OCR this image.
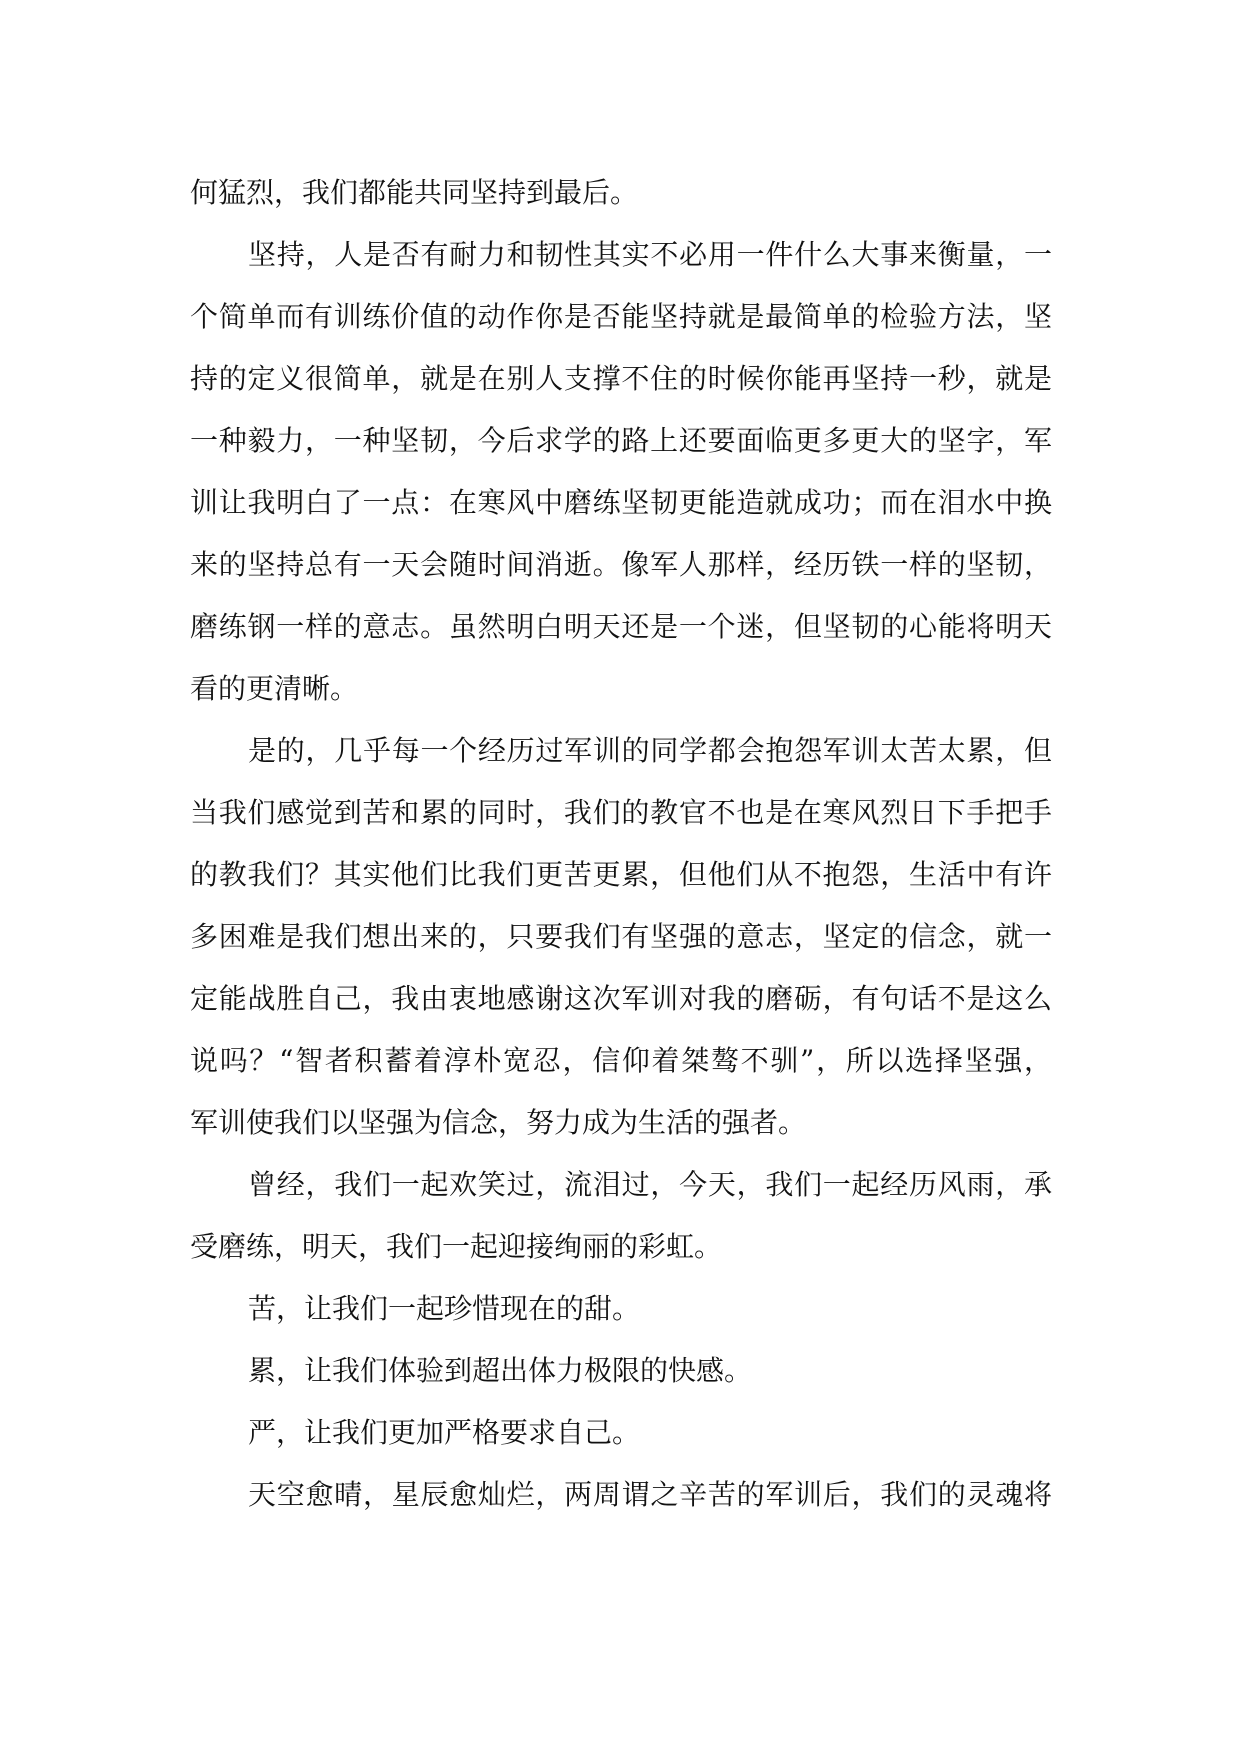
何猛烈，我们都能共同坚持到最后。
坚持，人是否有耐力和韧性其实不必用一件什么大事来衡量，一
个简单而有训练价值的动作你是否能坚持就是最简单的检验方法，坚
持的定义很简单，就是在别人支撑不住的时候你能再坚持一秒，就是
一种毅力，一种坚韧，今后求学的路上还要面临更多更大的坚字，军
训让我明白了一点：在寒风中磨练坚韧更能造就成功；而在泪水中换
来的坚持总有一天会随时间消逝。像军人那样，经历铁一样的坚韧，
磨练钢一样的意志。虽然明白明天还是一个迷，但坚韧的心能将明天
看的更清晰。
是的，几乎每一个经历过军训的同学都会抱怨军训太苦太累，但
当我们感觉到苦和累的同时，我们的教官不也是在寒风烈日下手把手
的教我们？其实他们比我们更苦更累，但他们从不抱怨，生活中有许
多困难是我们想出来的，只要我们有坚强的意志，坚定的信念，就一
定能战胜自己，我由衷地感谢这次军训对我的磨砺，有句话不是这么
说吗？“智者积蓄着淳朴宽忍，信仰着桀骜不驯”，所以选择坚强，
军训使我们以坚强为信念，努力成为生活的强者。
曾经，我们一起欢笑过，流泪过，今天，我们一起经历风雨，承
受磨练，明天，我们一起迎接绚丽的彩虹。
苦，让我们一起珍惜现在的甜。
累，让我们体验到超出体力极限的快感。
严，让我们更加严格要求自己。
天空愈晴，星辰愈灿烂，两周谓之辛苦的军训后，我们的灵魂将
